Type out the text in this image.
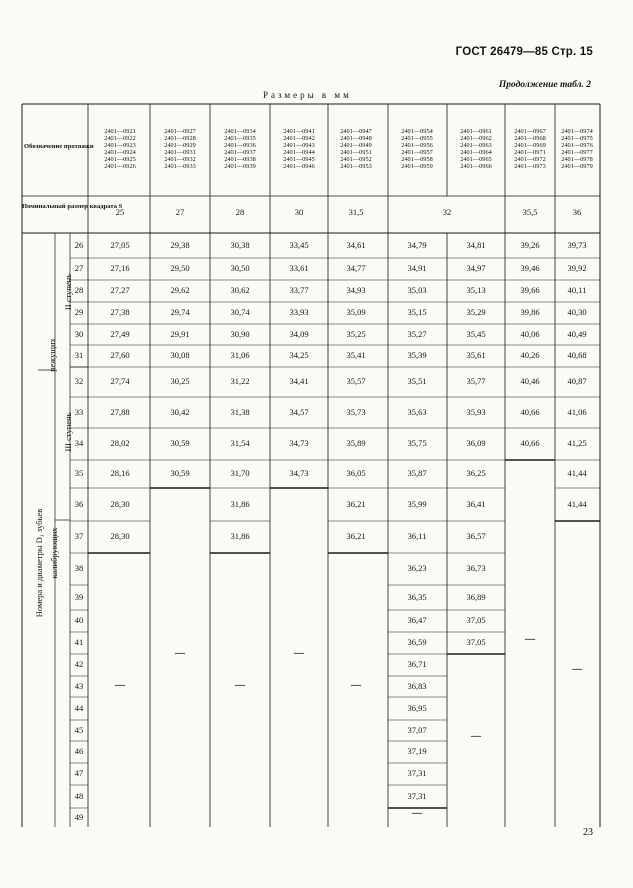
ГОСТ 26479—85 Стр. 15
Продолжение табл. 2
Размеры в мм
Обозначение протяжки
Номинальный размер квадрата S
Номера и диаметры D₁ зубьев
режущих
калибрующих
II ступень
III ступень
32
2401—0921
2401—0922
2401—0923
2401—0924
2401—0925
2401—0926
25
27,05
27,16
27,27
27,38
27,49
27,60
27,74
27,88
28,02
28,16
28,30
28,30
—
2401—0927
2401—0928
2401—0929
2401—0931
2401—0932
2401—0933
27
29,38
29,50
29,62
29,74
29,91
30,08
30,25
30,42
30,59
30,59
—
2401—0934
2401—0935
2401—0936
2401—0937
2401—0938
2401—0939
28
30,38
30,50
30,62
30,74
30,90
31,06
31,22
31,38
31,54
31,70
31,86
31,86
—
2401—0941
2401—0942
2401—0943
2401—0944
2401—0945
2401—0946
30
33,45
33,61
33,77
33,93
34,09
34,25
34,41
34,57
34,73
34,73
—
2401—0947
2401—0948
2401—0949
2401—0951
2401—0952
2401—0953
31,5
34,61
34,77
34,93
35,09
35,25
35,41
35,57
35,73
35,89
36,05
36,21
36,21
—
2401—0954
2401—0955
2401—0956
2401—0957
2401—0958
2401—0959
34,79
34,91
35,03
35,15
35,27
35,39
35,51
35,63
35,75
35,87
35,99
36,11
36,23
36,35
36,47
36,59
36,71
36,83
36,95
37,07
37,19
37,31
37,31
—
2401—0961
2401—0962
2401—0963
2401—0964
2401—0965
2401—0966
34,81
34,97
35,13
35,29
35,45
35,61
35,77
35,93
36,09
36,25
36,41
36,57
36,73
36,89
37,05
37,05
—
2401—0967
2401—0968
2401—0969
2401—0971
2401—0972
2401—0973
35,5
39,26
39,46
39,66
39,86
40,06
40,26
40,46
40,66
40,66
—
2401—0974
2401—0975
2401—0976
2401—0977
2401—0978
2401—0979
36
39,73
39,92
40,11
40,30
40,49
40,68
40,87
41,06
41,25
41,44
41,44
—
26
27
28
29
30
31
32
33
34
35
36
37
38
39
40
41
42
43
44
45
46
47
48
49
23
